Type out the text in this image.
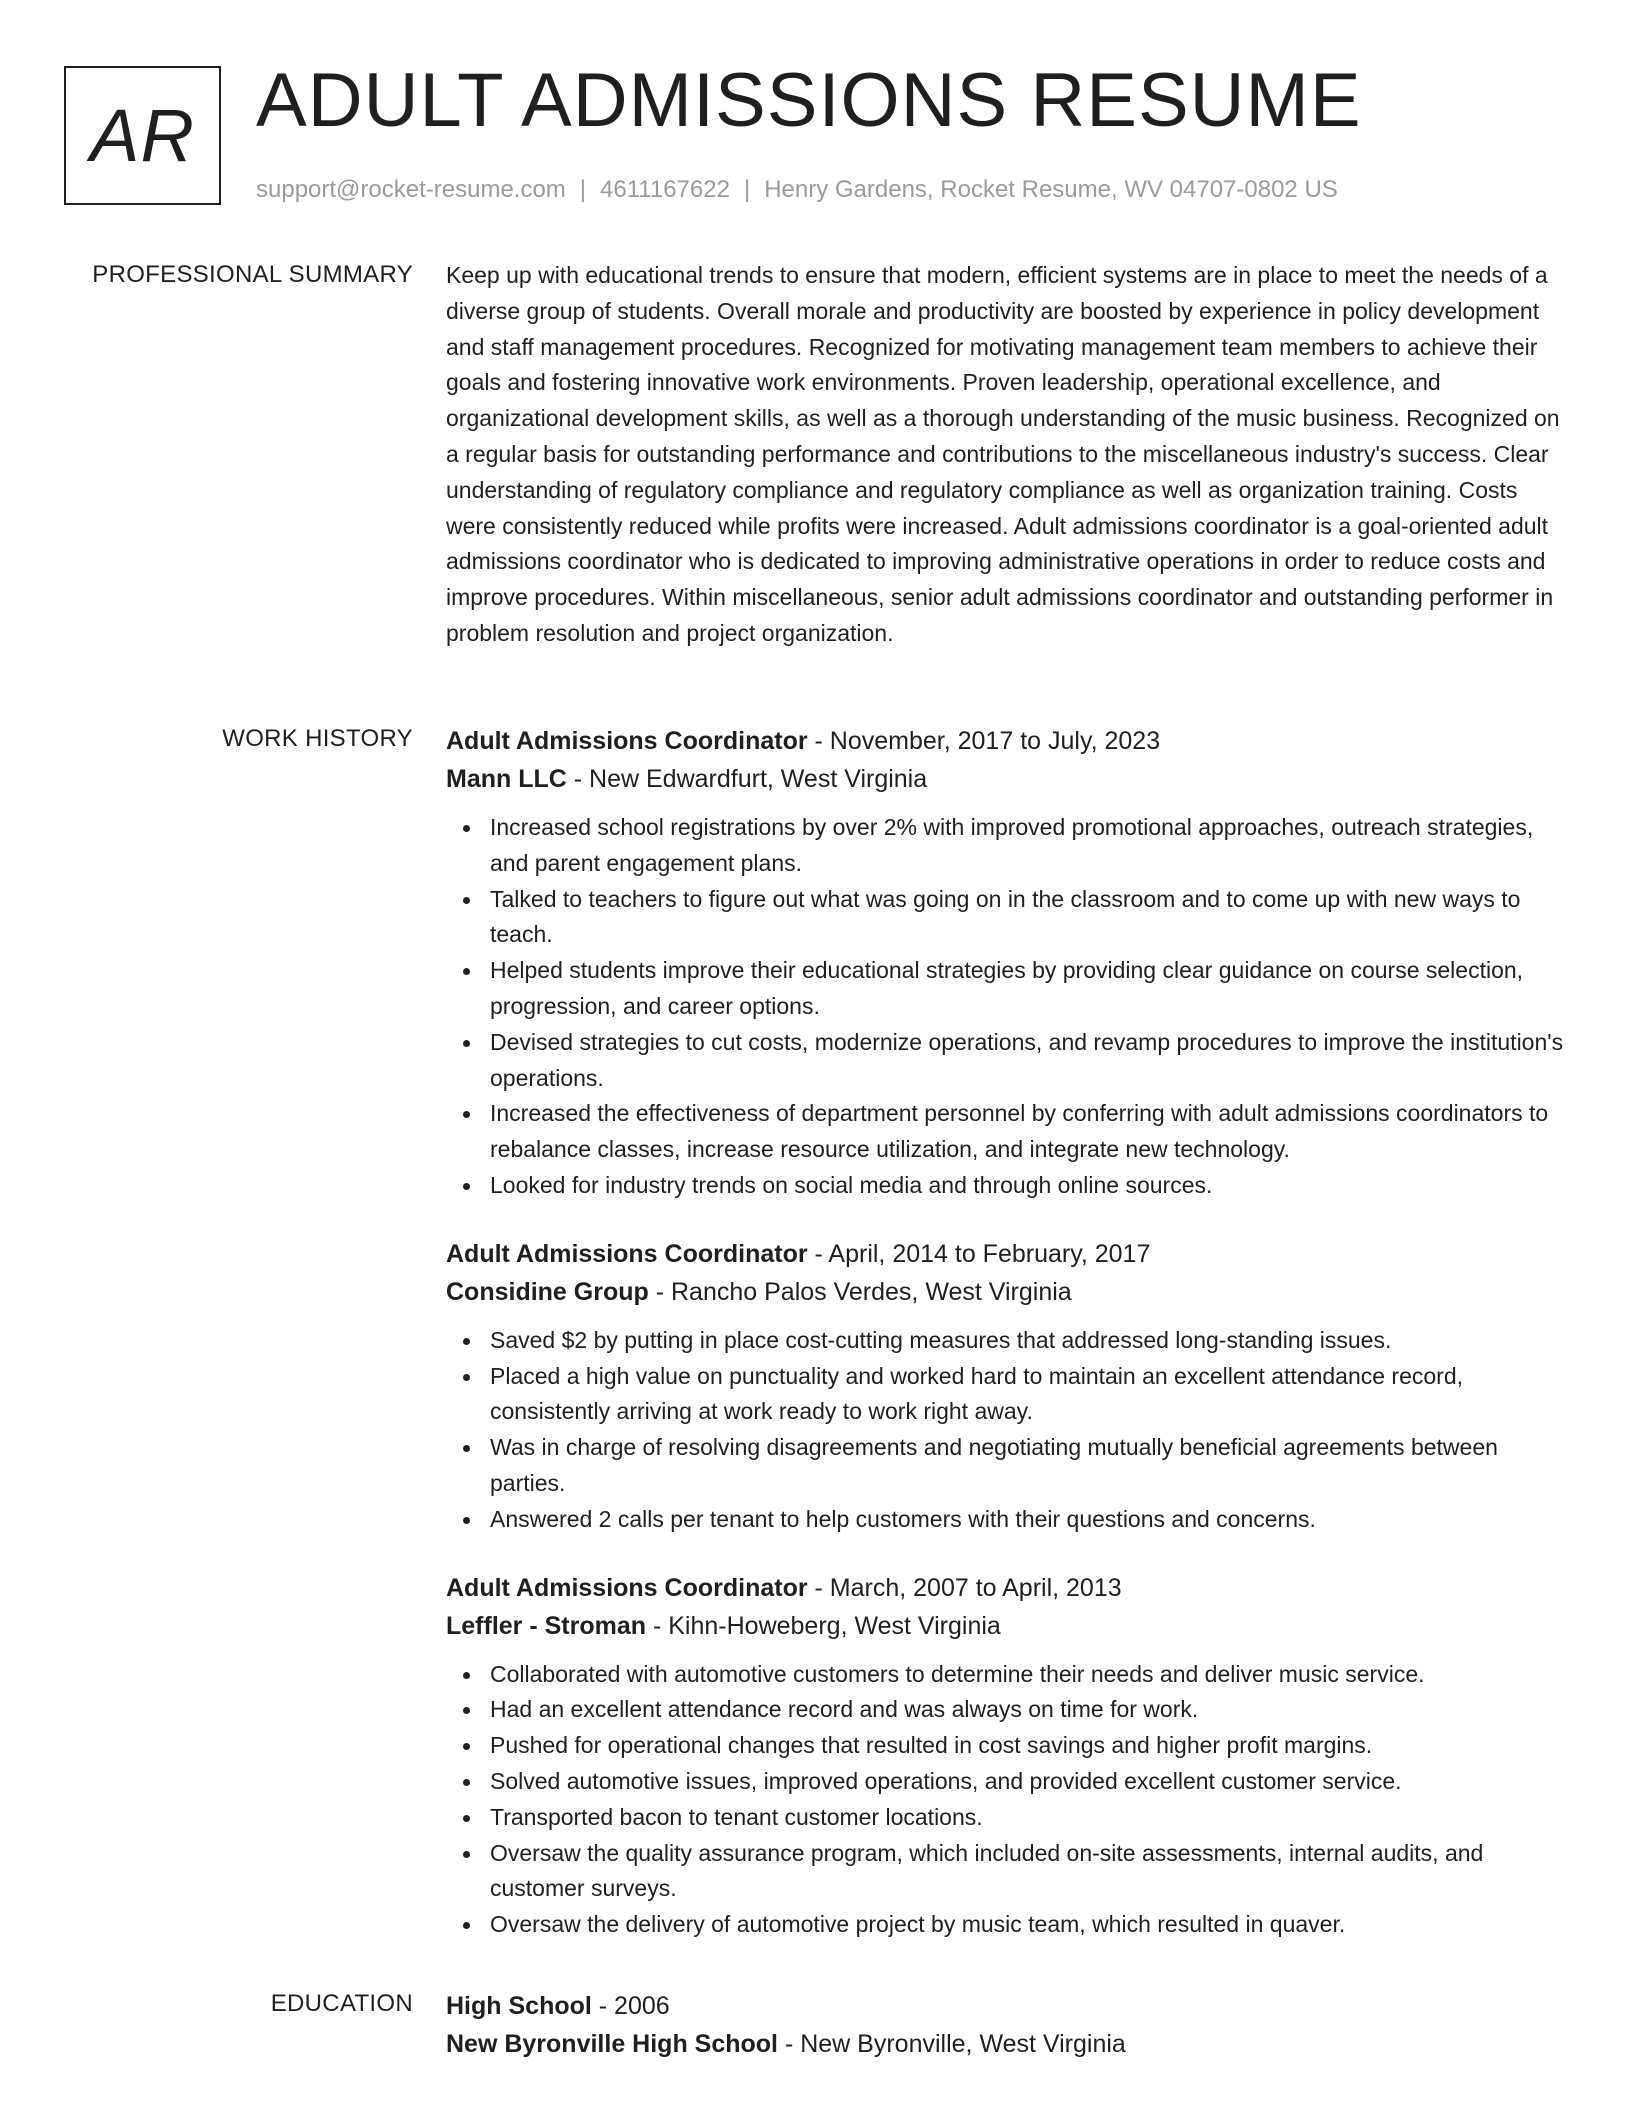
AR ADULT ADMISSIONS RESUME
support@rocket-resume.com | 4611167622 | Henry Gardens, Rocket Resume, WV 04707-0802 US
PROFESSIONAL SUMMARY Keep up with educational trends to ensure that modern, efficient systems are in place to meet the needs of a diverse group of students. Overall morale and productivity are boosted by experience in policy development and staff management procedures. Recognized for motivating management team members to achieve their goals and fostering innovative work environments. Proven leadership, operational excellence, and organizational development skills, as well as a thorough understanding of the music business. Recognized on a regular basis for outstanding performance and contributions to the miscellaneous industry's success. Clear understanding of regulatory compliance and regulatory compliance as well as organization training. Costs were consistently reduced while profits were increased. Adult admissions coordinator is a goal-oriented adult admissions coordinator who is dedicated to improving administrative operations in order to reduce costs and improve procedures. Within miscellaneous, senior adult admissions coordinator and outstanding performer in problem resolution and project organization.

WORK HISTORY Adult Admissions Coordinator - November, 2017 to July, 2023
Mann LLC - New Edwardfurt, West Virginia
Increased school registrations by over 2% with improved promotional approaches, outreach strategies, and parent engagement plans.
Talked to teachers to figure out what was going on in the classroom and to come up with new ways to teach.
Helped students improve their educational strategies by providing clear guidance on course selection, progression, and career options.
Devised strategies to cut costs, modernize operations, and revamp procedures to improve the institution's operations.
Increased the effectiveness of department personnel by conferring with adult admissions coordinators to rebalance classes, increase resource utilization, and integrate new technology.
Looked for industry trends on social media and through online sources.
Adult Admissions Coordinator - April, 2014 to February, 2017
Considine Group - Rancho Palos Verdes, West Virginia
Saved $2 by putting in place cost-cutting measures that addressed long-standing issues.
Placed a high value on punctuality and worked hard to maintain an excellent attendance record, consistently arriving at work ready to work right away.
Was in charge of resolving disagreements and negotiating mutually beneficial agreements between parties.
Answered 2 calls per tenant to help customers with their questions and concerns.
Adult Admissions Coordinator - March, 2007 to April, 2013
Leffler - Stroman - Kihn-Howeberg, West Virginia
Collaborated with automotive customers to determine their needs and deliver music service.
Had an excellent attendance record and was always on time for work.
Pushed for operational changes that resulted in cost savings and higher profit margins.
Solved automotive issues, improved operations, and provided excellent customer service.
Transported bacon to tenant customer locations.
Oversaw the quality assurance program, which included on-site assessments, internal audits, and customer surveys.
Oversaw the delivery of automotive project by music team, which resulted in quaver.
EDUCATION High School - 2006
New Byronville High School - New Byronville, West Virginia
